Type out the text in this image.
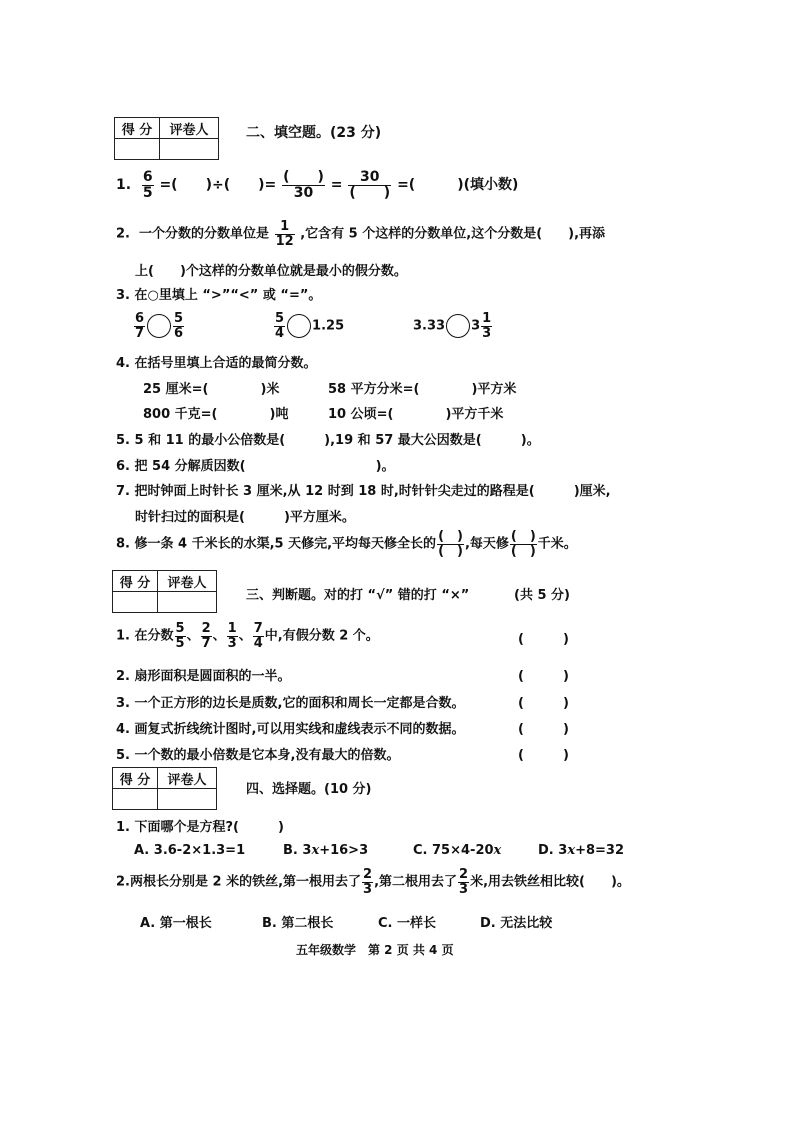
得 分	评卷人
		二、填空题。(23 分)
1. $\frac{6}{5}$ =(　　)÷(　　)=
(　　)
30	=
30
(　　) =(　　　)(填小数)
2. 一个分数的分数单位是 $\frac{1}{12}$ ,它含有 5 个这样的分数单位,这个分数是(　　),再添
上(　　)个这样的分数单位就是最小的假分数。
3. 在○里填上 “>”“<” 或 “=”。
$\frac{6}{7} \frac{5}{6}$	$\frac{5}{4} 1.25$	3.33 $3 \frac{1}{3}$
4. 在括号里填上合适的最简分数。
25 厘米=(　　　　)米	58 平方分米=(　　　　)平方米
800 千克=(　　　　)吨	10 公顷=(　　　　)平方千米
5. 5 和 11 的最小公倍数是(　　　),19 和 57 最大公因数是(　　　)。
6. 把 54 分解质因数(　　　　　　　　　　)。
7. 把时钟面上时针长 3 厘米,从 12 时到 18 时,时针针尖走过的路程是(　　　)厘米,
时针扫过的面积是(　　　)平方厘米。
8. 修一条 4 千米长的水渠,5 天修完,平均每天修全长的
(　)
(　) ,每天修
(　)
(　) 千米。
得 分	评卷人

三、判断题。对的打 “√” 错的打 “×”	(共 5 分)
1. 在分数 $\frac{5}{5}$ 、 $\frac{2}{7}$ 、 $\frac{1}{3}$ 、 $\frac{7}{4}$ 中,有假分数 2 个。	(　　　)
2. 扇形面积是圆面积的一半。	(　　　)
3. 一个正方形的边长是质数,它的面积和周长一定都是合数。	(　　　)
4. 画复式折线统计图时,可以用实线和虚线表示不同的数据。	(　　　)
5. 一个数的最小倍数是它本身,没有最大的倍数。	(　　　)
得 分	评卷人

四、选择题。(10 分)
1. 下面哪个是方程?(　　　)
A. 3.6-2×1.3=1	B. 3x+16>3	C. 75×4-20x	D. 3x+8=32
2.两根长分别是 2 米的铁丝,第一根用去了 $\frac{2}{3}$ ,第二根用去了 $\frac{2}{3}$ 米,用去铁丝相比较(　　)。
A. 第一根长	B. 第二根长	C. 一样长	D. 无法比较
五年级数学　第 2 页 共 4 页
